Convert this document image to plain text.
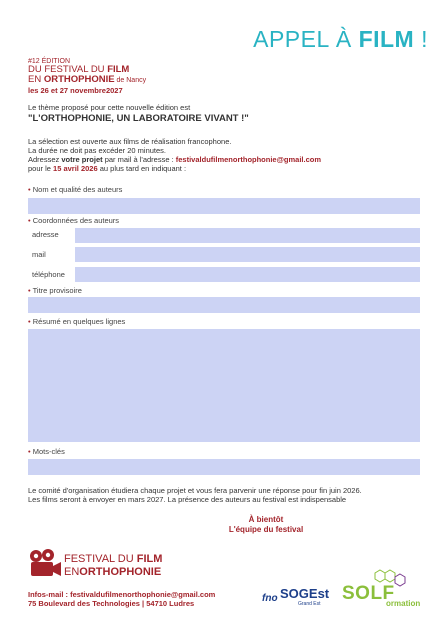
APPEL À FILM !
#12 ÉDITION
DU FESTIVAL DU FILM
EN ORTHOPHONIE de Nancy
les 26 et 27 novembre2027
Le thème proposé pour cette nouvelle édition est
"L'ORTHOPHONIE, UN LABORATOIRE VIVANT !"
La sélection est ouverte aux films de réalisation francophone.
La durée ne doit pas excéder 20 minutes.
Adressez votre projet par mail à l'adresse : festivaldufilmenorthophonie@gmail.com
pour le 15 avril 2026 au plus tard en indiquant :
• Nom et qualité des auteurs
• Coordonnées des auteurs
adresse
mail
téléphone
• Titre provisoire
• Résumé en quelques lignes
• Mots-clés
Le comité d'organisation étudiera chaque projet et vous fera parvenir une réponse pour fin juin 2026.
Les films seront à envoyer en mars 2027. La présence des auteurs au festival est indispensable
À bientôt
L'équipe du festival
FESTIVAL DU FILM
ENORTHOPHONIE
Infos-mail : festivaldufilmenorthophonie@gmail.com
75 Boulevard des Technologies | 54710 Ludres	fno SOGEst
Grand Est SOLF
ormation
